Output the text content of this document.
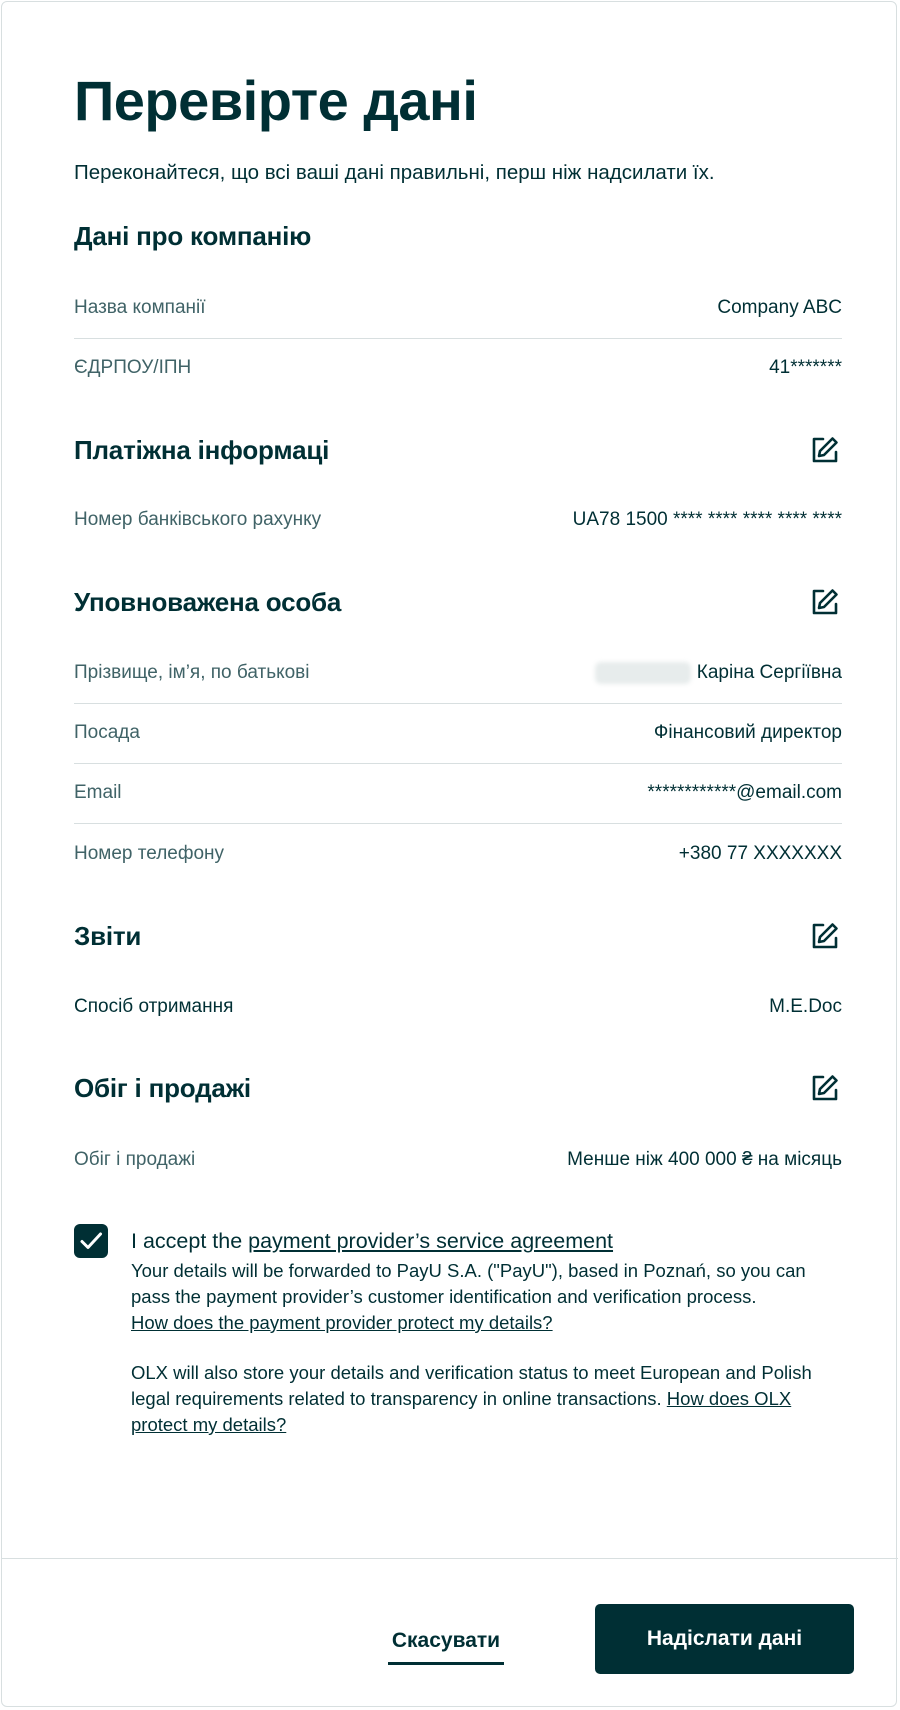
Перевірте дані

Переконайтеся, що всі ваші дані правильні, перш ніж надсилати їх.

Дані про компанію
Назва компанії	Company ABC
ЄДРПОУ/ІПН	41*******
Платіжна інформаці
Номер банківського рахунку	UA78 1500 **** **** **** **** ****
Уповноважена особа
Прізвище, ім’я, по батькові	Каріна Сергіївна
Посада	Фінансовий директор
Email	************@email.com
Номер телефону	+380 77 XXXXXXX
Звіти
Спосіб отримання	M.E.Doc
Обіг і продажі
Обіг і продажі	Менше ніж 400 000 ₴ на місяць

I accept the payment provider’s service agreement

Your details will be forwarded to PayU S.A. ("PayU"), based in Poznań, so you can pass the payment provider’s customer identification and verification process.
How does the payment provider protect my details?

OLX will also store your details and verification status to meet European and Polish legal requirements related to transparency in online transactions. How does OLX protect my details?

Скасувати	Надіслати дані
